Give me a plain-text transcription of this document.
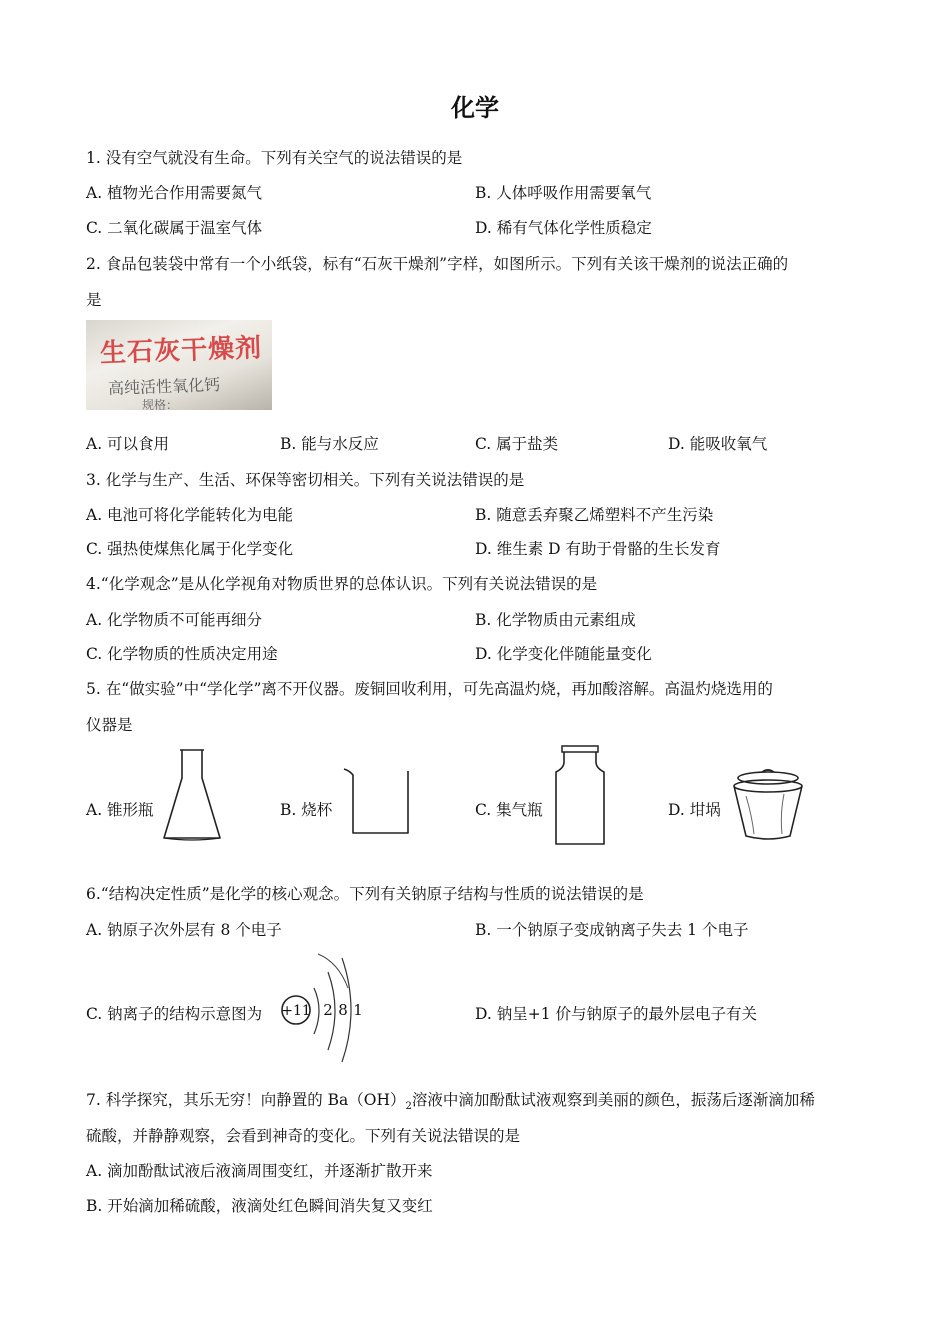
化学
1. 没有空气就没有生命。下列有关空气的说法错误的是
A. 植物光合作用需要氮气	B. 人体呼吸作用需要氧气
C. 二氧化碳属于温室气体	D. 稀有气体化学性质稳定
2. 食品包装袋中常有一个小纸袋，标有“石灰干燥剂”字样，如图所示。下列有关该干燥剂的说法正确的
是
生石灰干燥剂
高纯活性氧化钙
规格：
A. 可以食用	B. 能与水反应	C. 属于盐类	D. 能吸收氧气
3. 化学与生产、生活、环保等密切相关。下列有关说法错误的是
A. 电池可将化学能转化为电能	B. 随意丢弃聚乙烯塑料不产生污染
C. 强热使煤焦化属于化学变化	D. 维生素 D 有助于骨骼的生长发育
4.“化学观念”是从化学视角对物质世界的总体认识。下列有关说法错误的是
A. 化学物质不可能再细分	B. 化学物质由元素组成
C. 化学物质的性质决定用途	D. 化学变化伴随能量变化
5. 在“做实验”中“学化学”离不开仪器。废铜回收利用，可先高温灼烧，再加酸溶解。高温灼烧选用的
仪器是
A. 锥形瓶	B. 烧杯	C. 集气瓶	D. 坩埚
6.“结构决定性质”是化学的核心观念。下列有关钠原子结构与性质的说法错误的是
A. 钠原子次外层有 8 个电子	B. 一个钠原子变成钠离子失去 1 个电子
C. 钠离子的结构示意图为 +11 2 8 1	D. 钠呈+1 价与钠原子的最外层电子有关
7. 科学探究，其乐无穷！向静置的 $Ba(OH)_2$溶液中滴加酚酞试液观察到美丽的颜色，振荡后逐渐滴加稀
硫酸，并静静观察，会看到神奇的变化。下列有关说法错误的是
A. 滴加酚酞试液后液滴周围变红，并逐渐扩散开来
B. 开始滴加稀硫酸，液滴处红色瞬间消失复又变红
